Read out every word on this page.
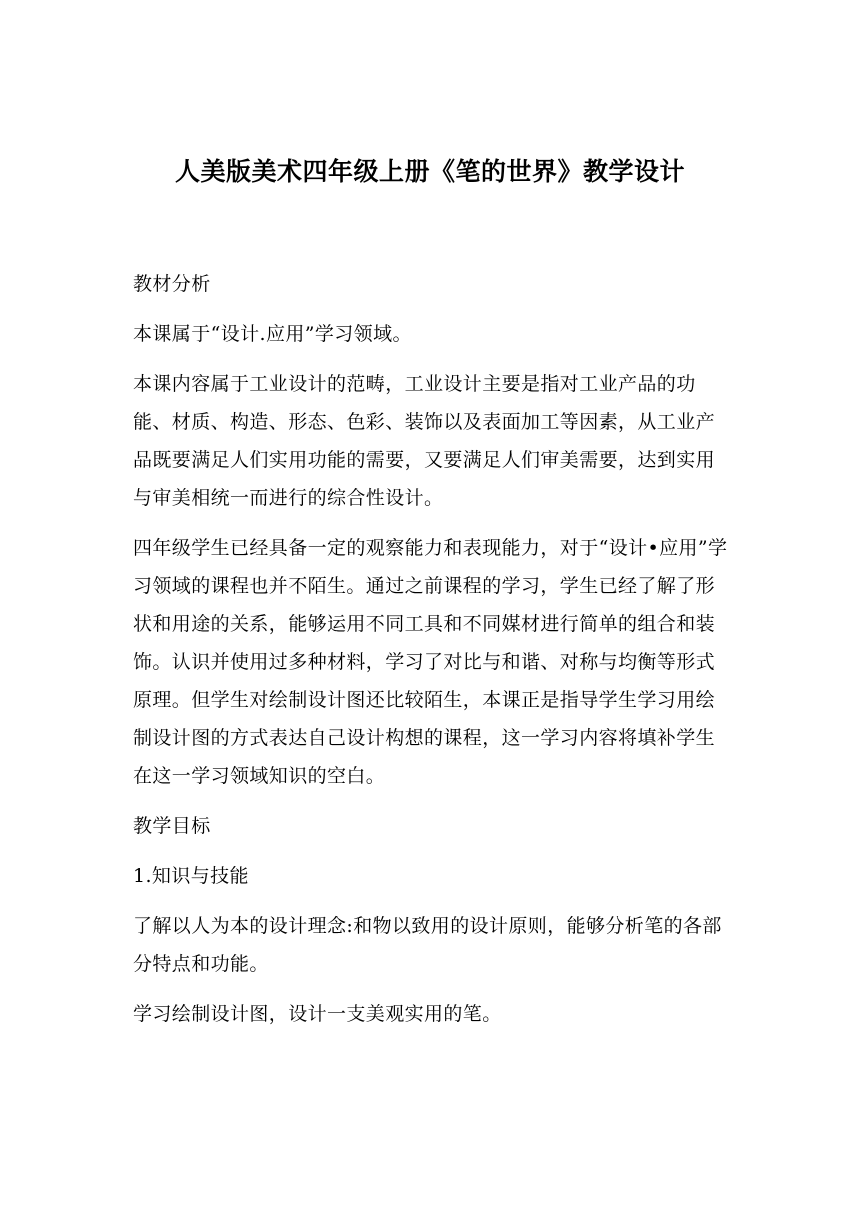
人美版美术四年级上册《笔的世界》教学设计

教材分析

本课属于“设计.应用”学习领域。

本课内容属于工业设计的范畴，工业设计主要是指对工业产品的功能、材质、构造、形态、色彩、装饰以及表面加工等因素，从工业产品既要满足人们实用功能的需要，又要满足人们审美需要，达到实用与审美相统一而进行的综合性设计。

四年级学生已经具备一定的观察能力和表现能力，对于“设计•应用”学习领域的课程也并不陌生。通过之前课程的学习，学生已经了解了形状和用途的关系，能够运用不同工具和不同媒材进行简单的组合和装饰。认识并使用过多种材料，学习了对比与和谐、对称与均衡等形式原理。但学生对绘制设计图还比较陌生，本课正是指导学生学习用绘制设计图的方式表达自己设计构想的课程，这一学习内容将填补学生在这一学习领域知识的空白。

教学目标

1.知识与技能

了解以人为本的设计理念:和物以致用的设计原则，能够分析笔的各部分特点和功能。

学习绘制设计图，设计一支美观实用的笔。
